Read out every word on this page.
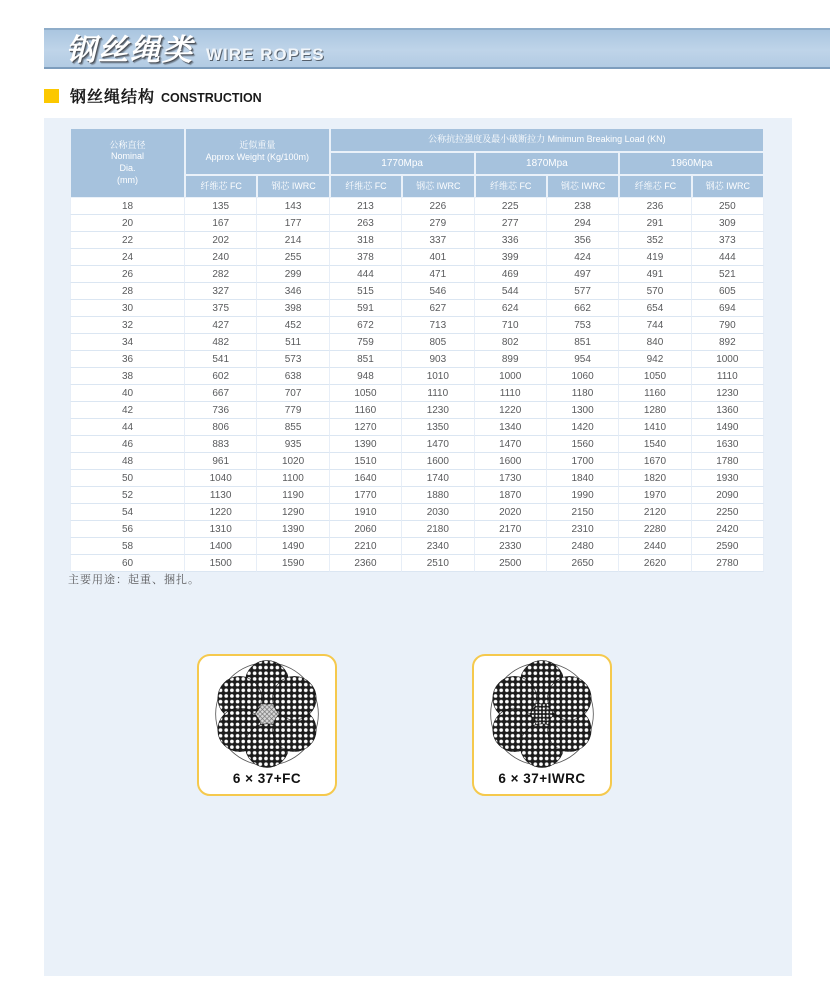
钢丝绳类 WIRE ROPES
钢丝绳结构 CONSTRUCTION
公称直径
Nominal
Dia.
(mm)	近似重量
Approx Weight (Kg/100m)		公称抗拉强度及最小破断拉力 Minimum Breaking Load (KN)					
			1770Mpa		1870Mpa		1960Mpa	
	纤维芯 FC	钢芯 IWRC	纤维芯 FC	钢芯 IWRC	纤维芯 FC	钢芯 IWRC	纤维芯 FC	钢芯 IWRC
18	135	143	213	226	225	238	236	250
20	167	177	263	279	277	294	291	309
22	202	214	318	337	336	356	352	373
24	240	255	378	401	399	424	419	444
26	282	299	444	471	469	497	491	521
28	327	346	515	546	544	577	570	605
30	375	398	591	627	624	662	654	694
32	427	452	672	713	710	753	744	790
34	482	511	759	805	802	851	840	892
36	541	573	851	903	899	954	942	1000
38	602	638	948	1010	1000	1060	1050	1110
40	667	707	1050	1110	1110	1180	1160	1230
42	736	779	1160	1230	1220	1300	1280	1360
44	806	855	1270	1350	1340	1420	1410	1490
46	883	935	1390	1470	1470	1560	1540	1630
48	961	1020	1510	1600	1600	1700	1670	1780
50	1040	1100	1640	1740	1730	1840	1820	1930
52	1130	1190	1770	1880	1870	1990	1970	2090
54	1220	1290	1910	2030	2020	2150	2120	2250
56	1310	1390	2060	2180	2170	2310	2280	2420
58	1400	1490	2210	2340	2330	2480	2440	2590
60	1500	1590	2360	2510	2500	2650	2620	2780
主要用途：起重、捆扎。
6 × 37+FC	6 × 37+IWRC
